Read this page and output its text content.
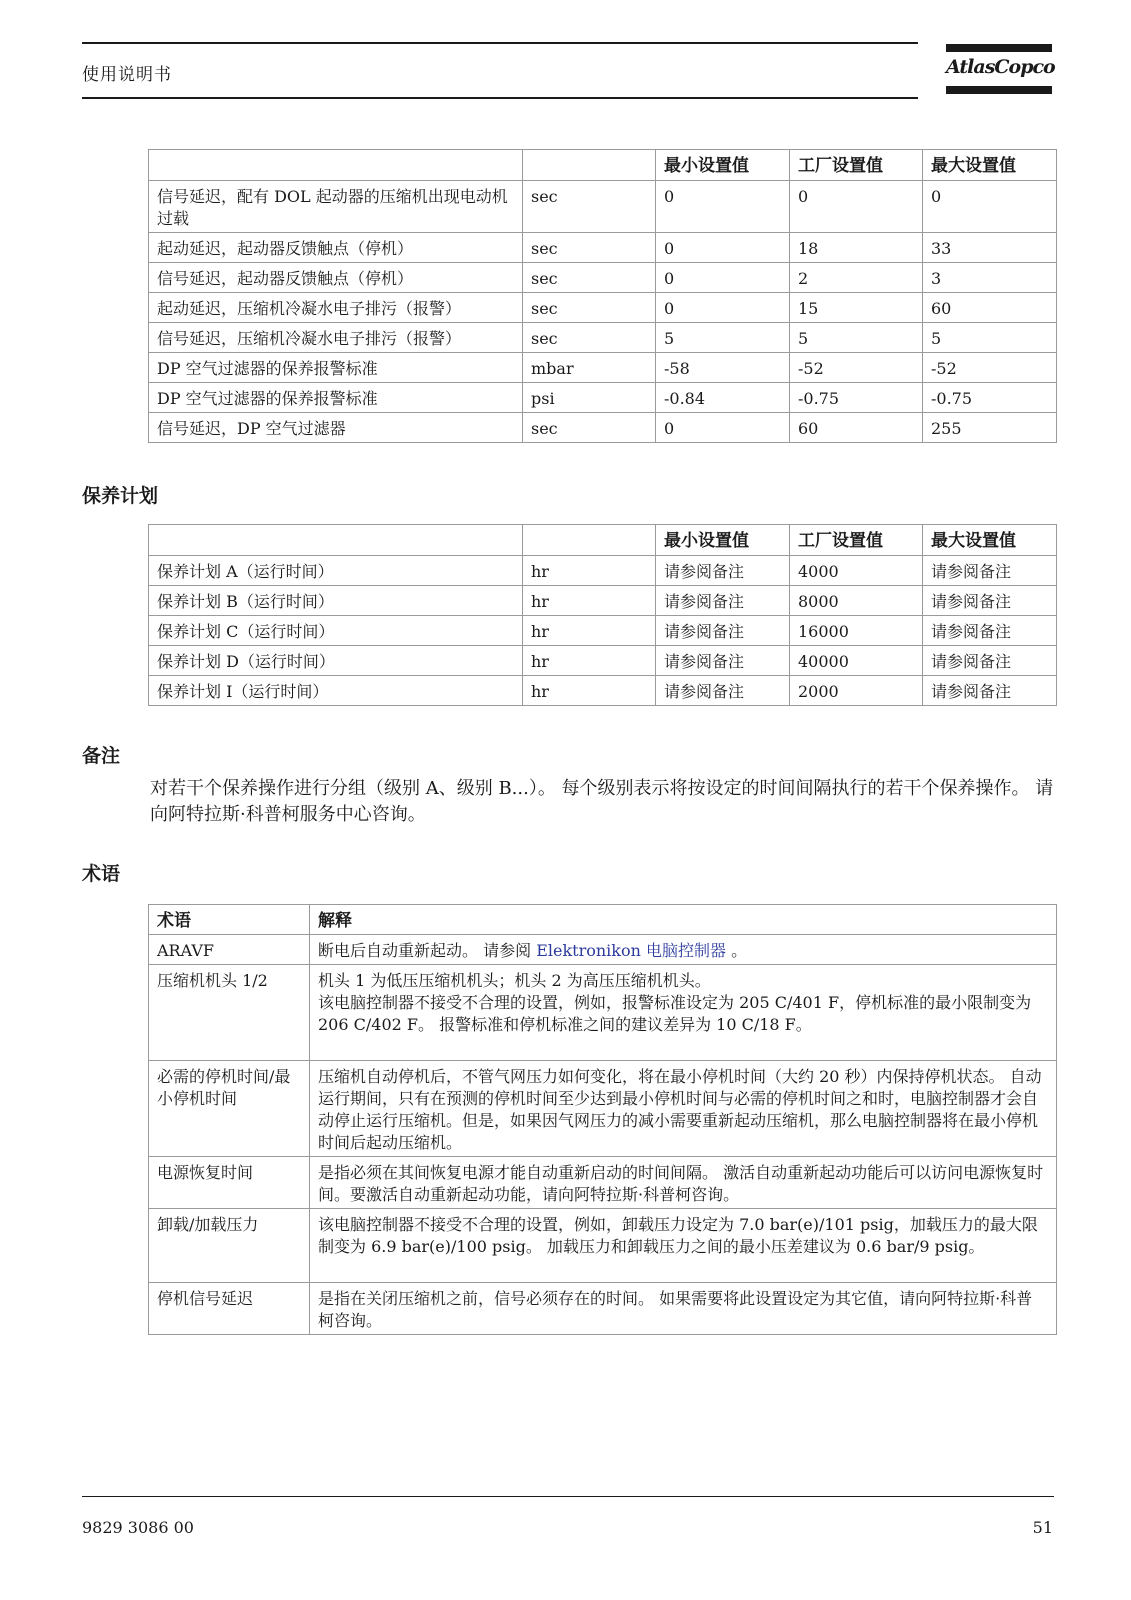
使用说明书	AtlasCopco
		最小设置值	工厂设置值	最大设置值
信号延迟，配有 DOL 起动器的压缩机出现电动机过载	sec	0	0	0
起动延迟，起动器反馈触点（停机）	sec	0	18	33
信号延迟，起动器反馈触点（停机）	sec	0	2	3
起动延迟，压缩机冷凝水电子排污（报警）	sec	0	15	60
信号延迟，压缩机冷凝水电子排污（报警）	sec	5	5	5
DP 空气过滤器的保养报警标准	mbar	-58	-52	-52
DP 空气过滤器的保养报警标准	psi	-0.84	-0.75	-0.75
信号延迟，DP 空气过滤器	sec	0	60	255
保养计划
		最小设置值	工厂设置值	最大设置值
保养计划 A（运行时间）	hr	请参阅备注	4000	请参阅备注
保养计划 B（运行时间）	hr	请参阅备注	8000	请参阅备注
保养计划 C（运行时间）	hr	请参阅备注	16000	请参阅备注
保养计划 D（运行时间）	hr	请参阅备注	40000	请参阅备注
保养计划 I（运行时间）	hr	请参阅备注	2000	请参阅备注
备注
对若干个保养操作进行分组（级别 A、级别 B...）。 每个级别表示将按设定的时间间隔执行的若干个保养操作。 请向阿特拉斯·科普柯服务中心咨询。
术语
术语	解释
ARAVF	断电后自动重新起动。 请参阅 Elektronikon 电脑控制器 。
压缩机机头 1/2	机头 1 为低压压缩机机头；机头 2 为高压压缩机机头。
该电脑控制器不接受不合理的设置，例如，报警标准设定为 205 C/401 F，停机标准的最小限制变为 206 C/402 F。 报警标准和停机标准之间的建议差异为 10 C/18 F。
必需的停机时间/最小停机时间	压缩机自动停机后，不管气网压力如何变化，将在最小停机时间（大约 20 秒）内保持停机状态。 自动运行期间，只有在预测的停机时间至少达到最小停机时间与必需的停机时间之和时，电脑控制器才会自动停止运行压缩机。但是，如果因气网压力的减小需要重新起动压缩机，那么电脑控制器将在最小停机时间后起动压缩机。
电源恢复时间	是指必须在其间恢复电源才能自动重新启动的时间间隔。 激活自动重新起动功能后可以访问电源恢复时间。要激活自动重新起动功能，请向阿特拉斯·科普柯咨询。
卸载/加载压力	该电脑控制器不接受不合理的设置，例如，卸载压力设定为 7.0 bar(e)/101 psig，加载压力的最大限制变为 6.9 bar(e)/100 psig。 加载压力和卸载压力之间的最小压差建议为 0.6 bar/9 psig。
停机信号延迟	是指在关闭压缩机之前，信号必须存在的时间。 如果需要将此设置设定为其它值，请向阿特拉斯·科普柯咨询。
9829 3086 00	51
